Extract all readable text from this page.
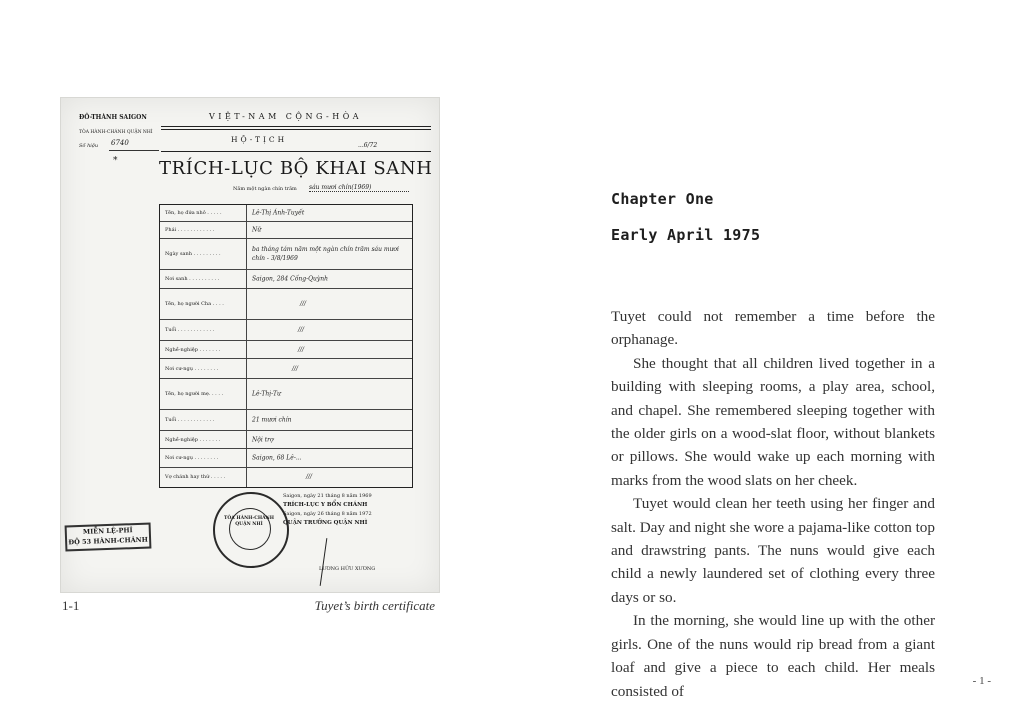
ĐÔ-THÀNH SAIGON
TÒA HÀNH-CHÁNH QUẬN NHÌ
Số hiệu	6740
*
VIỆT-NAM CỘNG-HÒA
HỘ-TỊCH
...6/72
TRÍCH-LỤC BỘ KHAI SANH
Năm một ngàn chín trăm sáu mươi chín(1969)
Tên, họ đứa nhỏ . . . . .	Lê-Thị Ánh-Tuyết
Phái . . . . . . . . . . . .	Nữ
Ngày sanh . . . . . . . . .
ba tháng tám năm một ngàn chín trăm sáu mươi chín - 3/8/1969
Nơi sanh . . . . . . . . . .	Saigon, 284 Cống-Quỳnh
Tên, họ người Cha . . . .	///
Tuổi . . . . . . . . . . . .	///
Nghề-nghiệp . . . . . . .	///
Nơi cư-ngụ . . . . . . . .	///
Tên, họ người mẹ. . . . .	Lê-Thị-Tư
Tuổi . . . . . . . . . . . .	21 mươi chín
Nghề-nghiệp . . . . . . .	Nội trợ
Nơi cư-ngụ . . . . . . . .	Saigon, 68 Lê-...
Vợ chánh hay thứ . . . . .	///
MIỄN LỆ-PHÍ
ĐỘ 53 HÀNH-CHÁNH
TÒA HÀNH-CHÁNH QUẬN NHÌ
Saigon, ngày 21 tháng 8 năm 1969
TRÍCH-LỤC Y BỔN CHÁNH
Saigon, ngày 26 tháng 8 năm 1972
QUẬN TRƯỞNG QUẬN NHÌ
LƯƠNG HỮU XƯƠNG
1-1	Tuyet’s birth certificate
Chapter One
Early April 1975

Tuyet could not remember a time before the orphanage.

She thought that all children lived together in a building with sleeping rooms, a play area, school, and chapel. She remembered sleeping together with the older girls on a wood-slat floor, without blankets or pillows. She would wake up each morning with marks from the wood slats on her cheek.

Tuyet would clean her teeth using her finger and salt. Day and night she wore a pajama-like cotton top and drawstring pants. The nuns would give each child a newly laundered set of clothing every three days or so.

In the morning, she would line up with the other girls. One of the nuns would rip bread from a giant loaf and give a piece to each child. Her meals consisted of

- 1 -
